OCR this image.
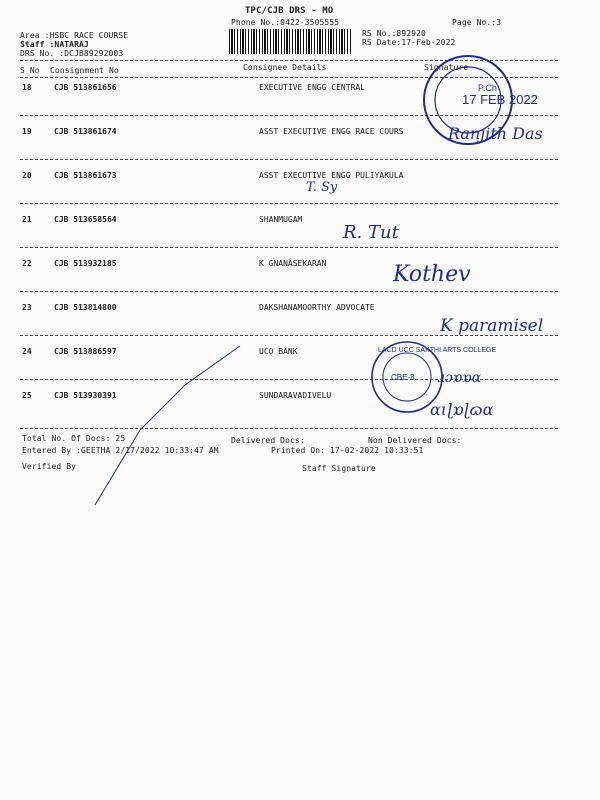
TPC/CJB DRS - MO
Phone No.:0422-3505555	Page No.:3
Area :HSBC RACE COURSE
Staff :NATARAJ
DRS No. :DCJB89292003
RS No.:892920
RS Date:17-Feb-2022
S No Consignment No	Consignee Details	Signature
18	CJB 513861656	EXECUTIVE ENGG CENTRAL
19	CJB 513861674	ASST EXECUTIVE ENGG RACE COURS
20	CJB 513861673	ASST EXECUTIVE ENGG PULIYAKULA
21	CJB 513658564	SHANMUGAM
22	CJB 513932185	K GNANASEKARAN
23	CJB 513814800	DAKSHANAMOORTHY ADVOCATE
24	CJB 513886597	UCO BANK
25	CJB 513930391	SUNDARAVADIVELU
Total No. Of Docs: 25	Delivered Docs:	Non Delivered Docs:
Entered By :GEETHA 2/17/2022 10:33:47 AM	Printed On: 17-02-2022 10:33:51
Verified By	Staff Signature
P.Ch
17 FEB 2022
CBE-8
LACD UCC SAKTHI ARTS COLLEGE
Ranjith Das
T. Sy
R. Tut
Kothev
K paramisel
ɹɔɒɒɑ
ɑɩɭɒɭɷɑ
